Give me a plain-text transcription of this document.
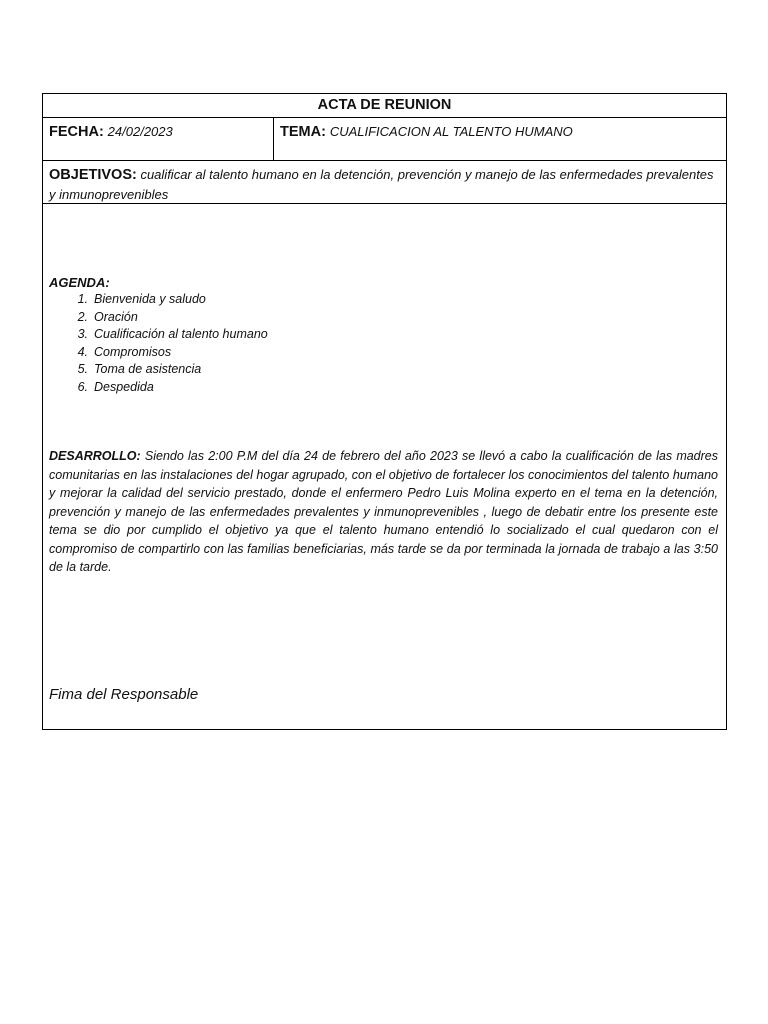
ACTA DE REUNION
FECHA: 24/02/2023	TEMA: CUALIFICACION AL TALENTO HUMANO
OBJETIVOS: cualificar al talento humano en la detención, prevención y manejo de las enfermedades prevalentes y inmunoprevenibles
AGENDA:
1. Bienvenida y saludo
2. Oración
3. Cualificación al talento humano
4. Compromisos
5. Toma de asistencia
6. Despedida
DESARROLLO: Siendo las 2:00 P.M del día 24 de febrero del año 2023 se llevó a cabo la cualificación de las madres comunitarias en las instalaciones del hogar agrupado, con el objetivo de fortalecer los conocimientos del talento humano y mejorar la calidad del servicio prestado, donde el enfermero Pedro Luis Molina experto en el tema en la detención, prevención y manejo de las enfermedades prevalentes y inmunoprevenibles , luego de debatir entre los presente este tema se dio por cumplido el objetivo ya que el talento humano entendió lo socializado el cual quedaron con el compromiso de compartirlo con las familias beneficiarias, más tarde se da por terminada la jornada de trabajo a las 3:50 de la tarde.
Fima del Responsable
